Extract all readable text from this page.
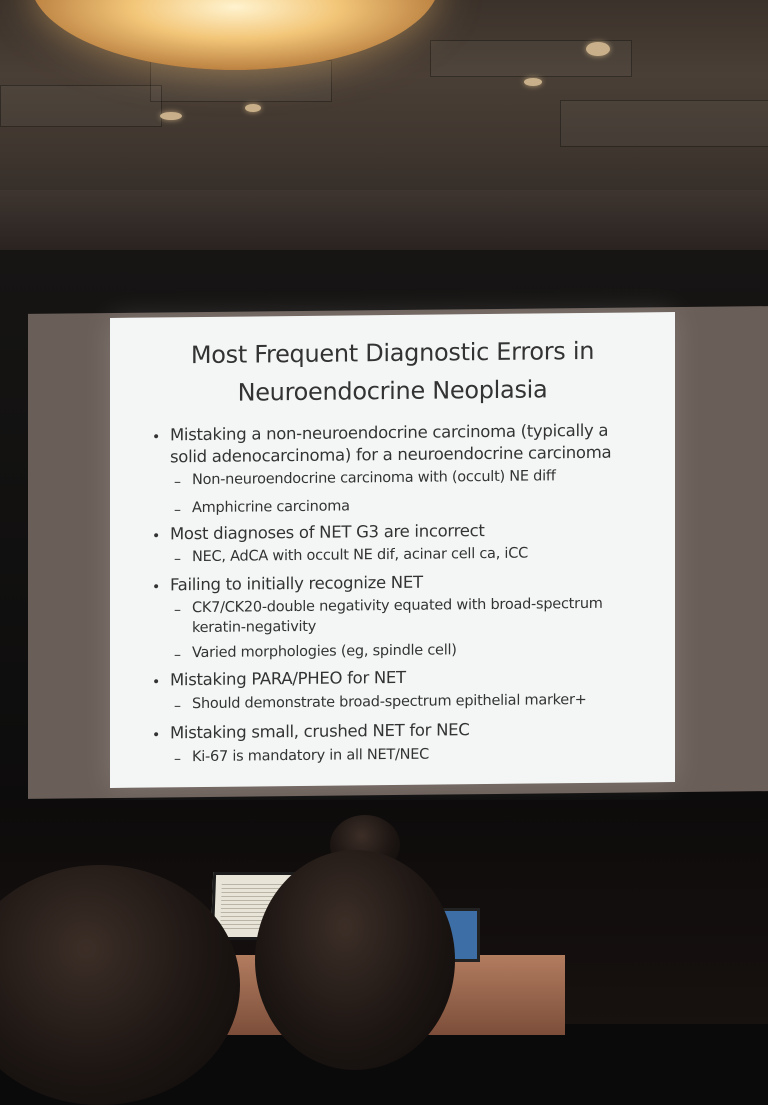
Most Frequent Diagnostic Errors in
Neuroendocrine Neoplasia
• Mistaking a non-neuroendocrine carcinoma (typically a
solid adenocarcinoma) for a neuroendocrine carcinoma
– Non-neuroendocrine carcinoma with (occult) NE diff
– Amphicrine carcinoma
• Most diagnoses of NET G3 are incorrect
– NEC, AdCA with occult NE dif, acinar cell ca, iCC
• Failing to initially recognize NET
– CK7/CK20-double negativity equated with broad-spectrum
keratin-negativity
– Varied morphologies (eg, spindle cell)
• Mistaking PARA/PHEO for NET
– Should demonstrate broad-spectrum epithelial marker+
• Mistaking small, crushed NET for NEC
– Ki-67 is mandatory in all NET/NEC
